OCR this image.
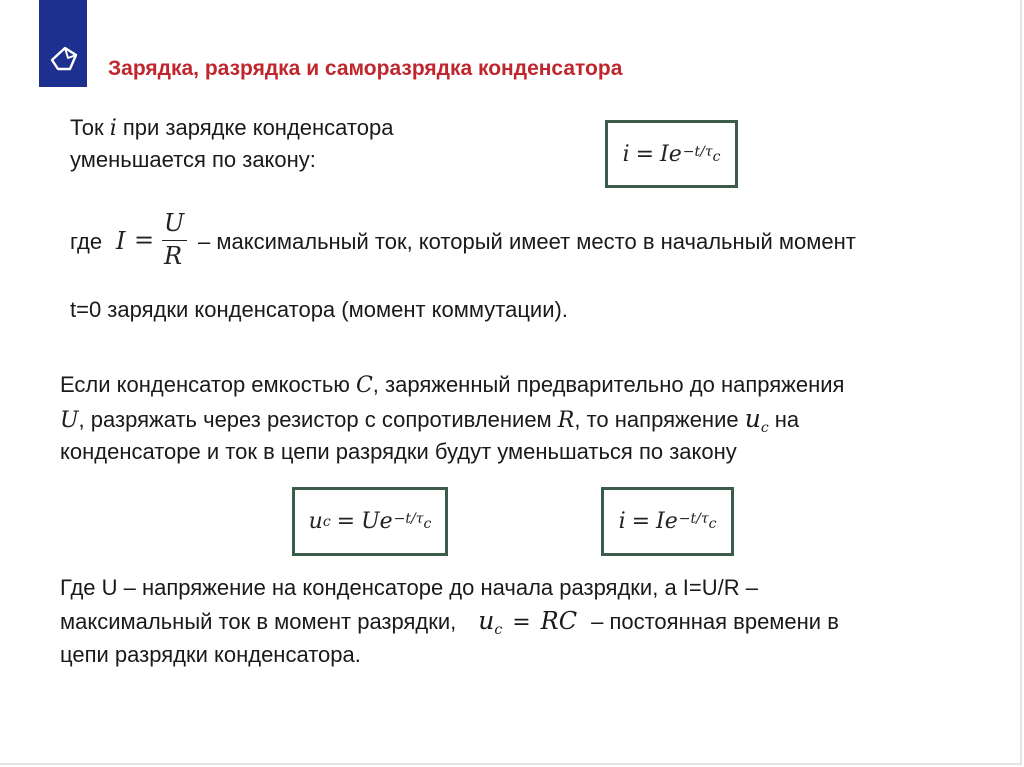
Зарядка, разрядка и саморазрядка конденсатора
Ток i при зарядке конденсатора
уменьшается по закону:	i = Ie −t/τc
где I =
U
R
– максимальный ток, который имеет место в начальный момент
t=0 зарядки конденсатора (момент коммутации).
Если конденсатор емкостью C, заряженный предварительно до напряжения
U, разряжать через резистор с сопротивлением R, то напряжение $u_c$ на
конденсаторе и ток в цепи разрядки будут уменьшаться по закону
u c = Ue −t/τc	i = Ie −t/τc
Где U – напряжение на конденсаторе до начала разрядки, а I=U/R –
максимальный ток в момент разрядки, $u_c$ = RC – постоянная времени в
цепи разрядки конденсатора.
